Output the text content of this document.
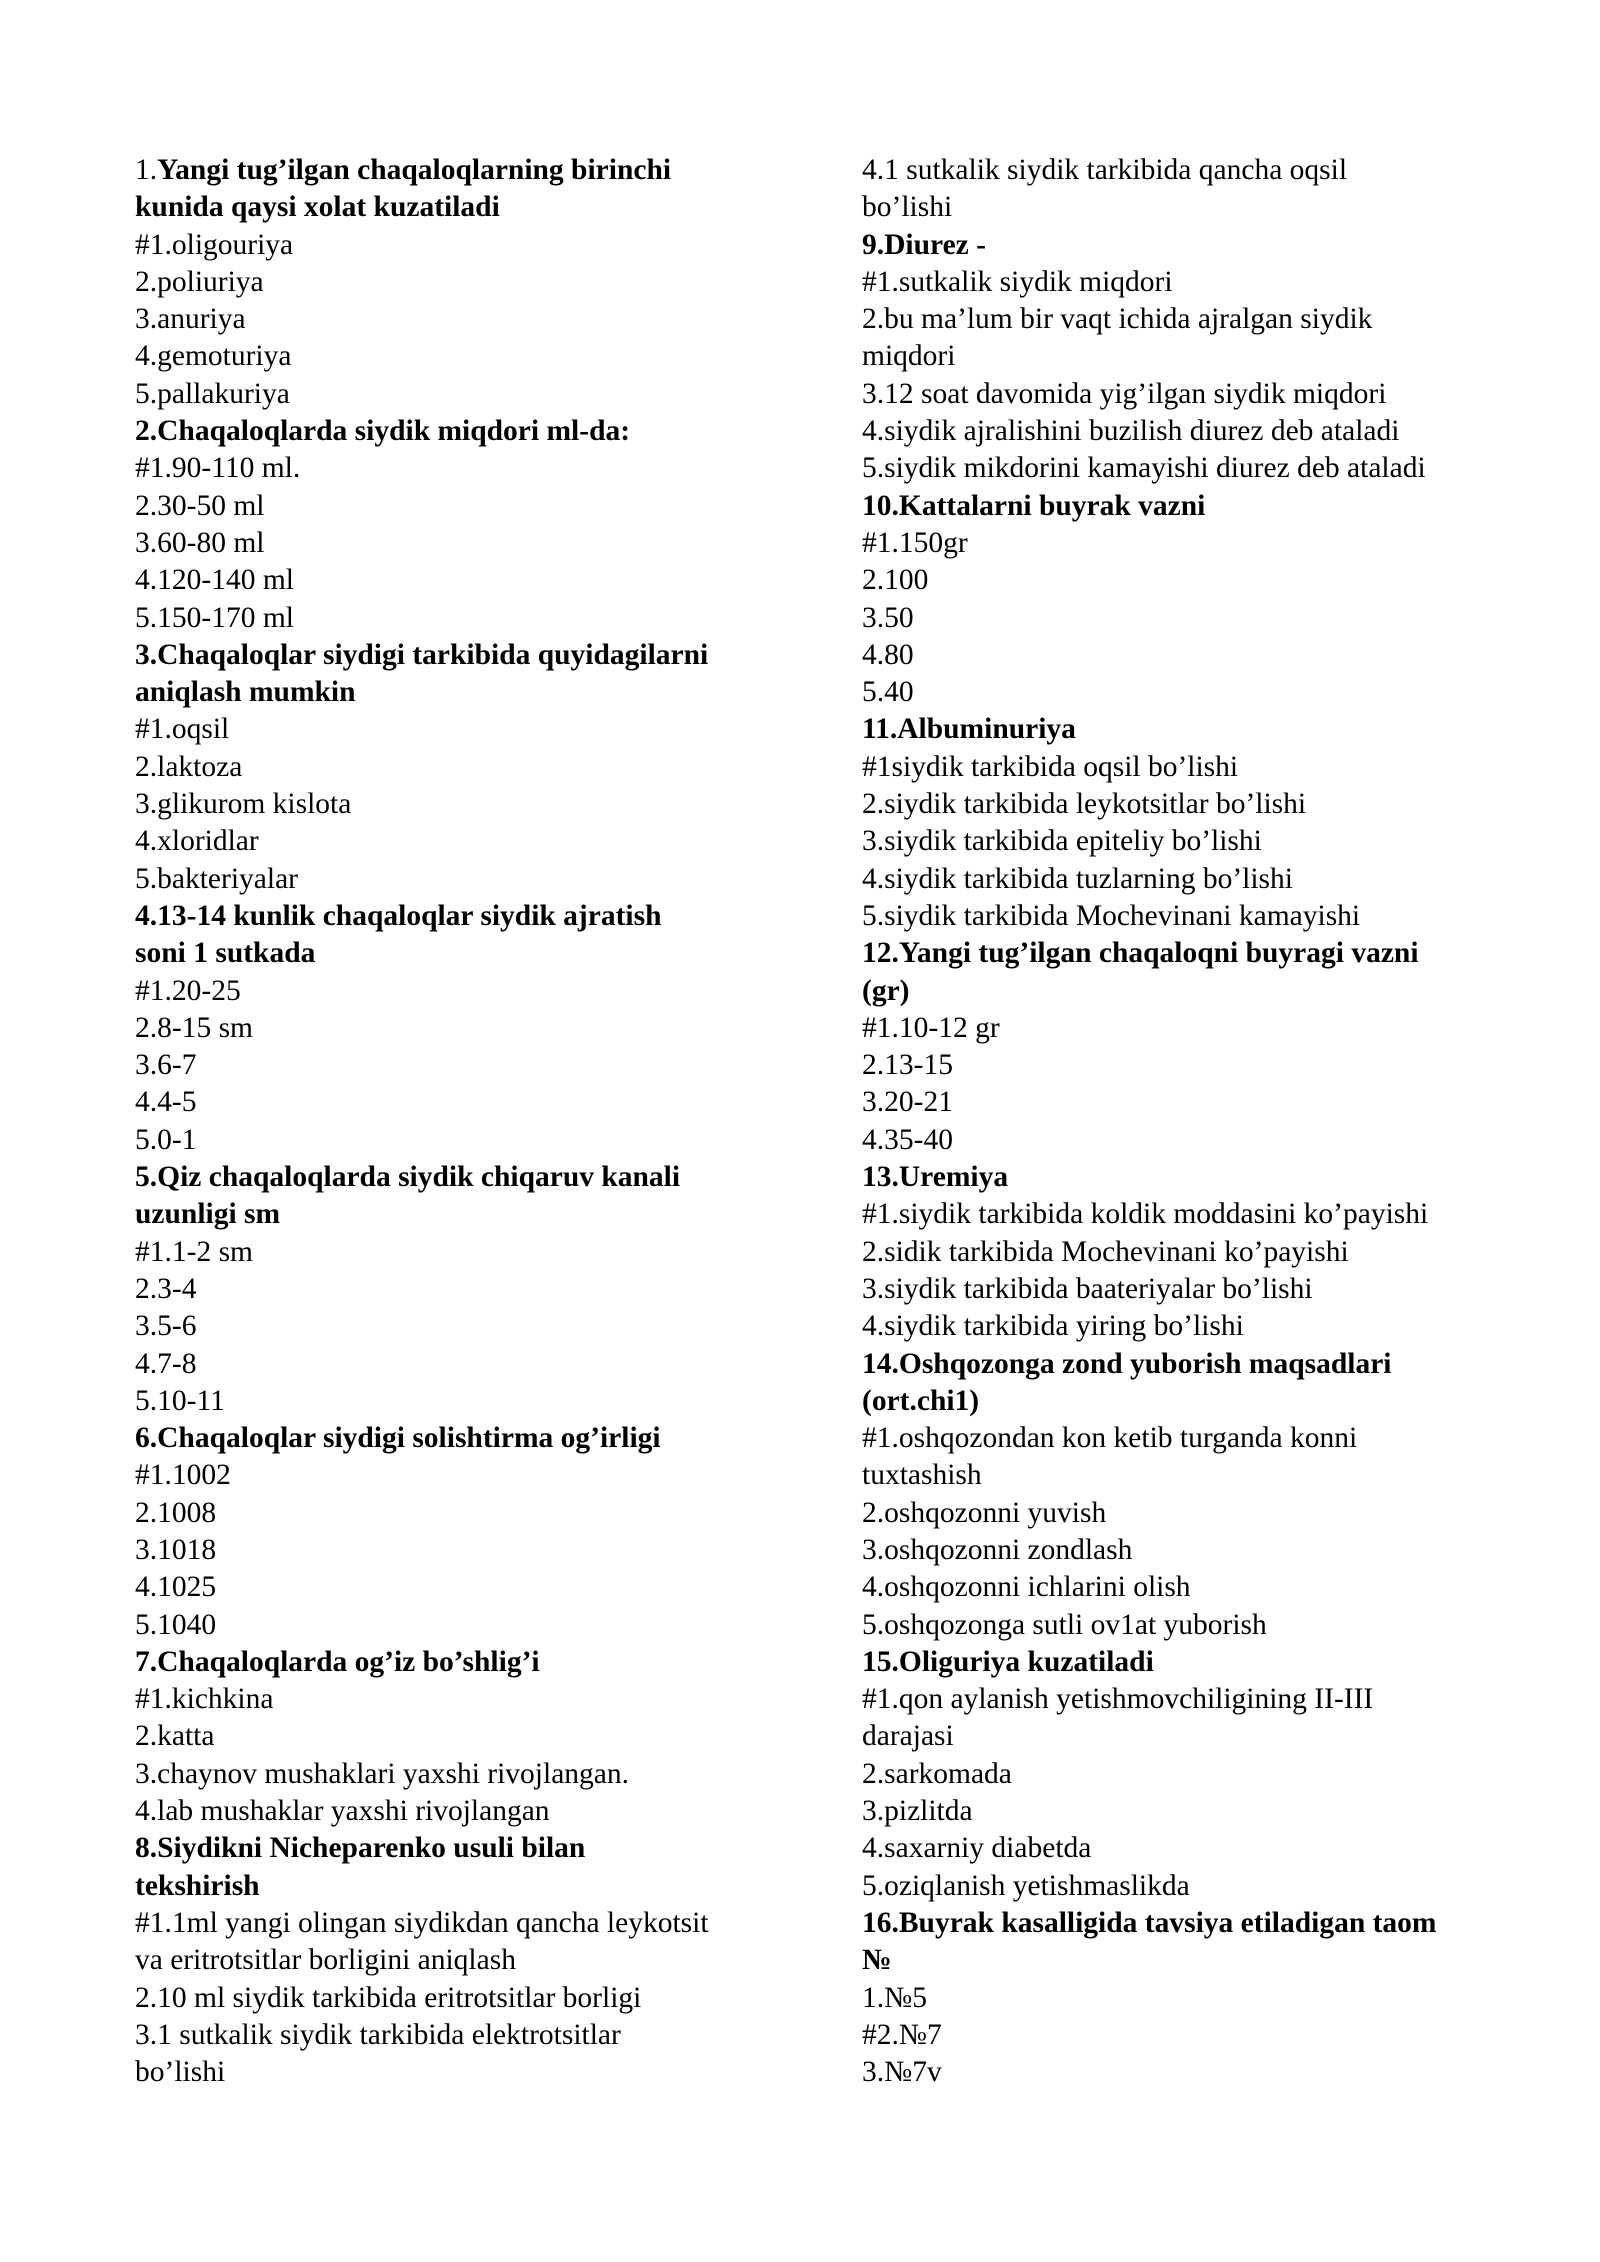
1.Yangi tug’ilgan chaqaloqlarning birinchi
kunida qaysi xolat kuzatiladi
#1.oligouriya
2.poliuriya
3.anuriya
4.gemoturiya
5.pallakuriya
2.Chaqaloqlarda siydik miqdori ml-da:
#1.90-110 ml.
2.30-50 ml
3.60-80 ml
4.120-140 ml
5.150-170 ml
3.Chaqaloqlar siydigi tarkibida quyidagilarni
aniqlash mumkin
#1.oqsil
2.laktoza
3.glikurom kislota
4.xloridlar
5.bakteriyalar
4.13-14 kunlik chaqaloqlar siydik ajratish
soni 1 sutkada
#1.20-25
2.8-15 sm
3.6-7
4.4-5
5.0-1
5.Qiz chaqaloqlarda siydik chiqaruv kanali
uzunligi sm
#1.1-2 sm
2.3-4
3.5-6
4.7-8
5.10-11
6.Chaqaloqlar siydigi solishtirma og’irligi
#1.1002
2.1008
3.1018
4.1025
5.1040
7.Chaqaloqlarda og’iz bo’shlig’i
#1.kichkina
2.katta
3.chaynov mushaklari yaxshi rivojlangan.
4.lab mushaklar yaxshi rivojlangan
8.Siydikni Nicheparenko usuli bilan
tekshirish
#1.1ml yangi olingan siydikdan qancha leykotsit
va eritrotsitlar borligini aniqlash
2.10 ml siydik tarkibida eritrotsitlar borligi
3.1 sutkalik siydik tarkibida elektrotsitlar
bo’lishi
4.1 sutkalik siydik tarkibida qancha oqsil
bo’lishi
9.Diurez -
#1.sutkalik siydik miqdori
2.bu ma’lum bir vaqt ichida ajralgan siydik
miqdori
3.12 soat davomida yig’ilgan siydik miqdori
4.siydik ajralishini buzilish diurez deb ataladi
5.siydik mikdorini kamayishi diurez deb ataladi
10.Kattalarni buyrak vazni
#1.150gr
2.100
3.50
4.80
5.40
11.Albuminuriya
#1siydik tarkibida oqsil bo’lishi
2.siydik tarkibida leykotsitlar bo’lishi
3.siydik tarkibida epiteliy bo’lishi
4.siydik tarkibida tuzlarning bo’lishi
5.siydik tarkibida Mochevinani kamayishi
12.Yangi tug’ilgan chaqaloqni buyragi vazni
(gr)
#1.10-12 gr
2.13-15
3.20-21
4.35-40
13.Uremiya
#1.siydik tarkibida koldik moddasini ko’payishi
2.sidik tarkibida Mochevinani ko’payishi
3.siydik tarkibida baateriyalar bo’lishi
4.siydik tarkibida yiring bo’lishi
14.Oshqozonga zond yuborish maqsadlari
(ort.chi1)
#1.oshqozondan kon ketib turganda konni
tuxtashish
2.oshqozonni yuvish
3.oshqozonni zondlash
4.oshqozonni ichlarini olish
5.oshqozonga sutli ov1at yuborish
15.Oliguriya kuzatiladi
#1.qon aylanish yetishmovchiligining II-III
darajasi
2.sarkomada
3.pizlitda
4.saxarniy diabetda
5.oziqlanish yetishmaslikda
16.Buyrak kasalligida tavsiya etiladigan taom
№
1.№5
#2.№7
3.№7v
